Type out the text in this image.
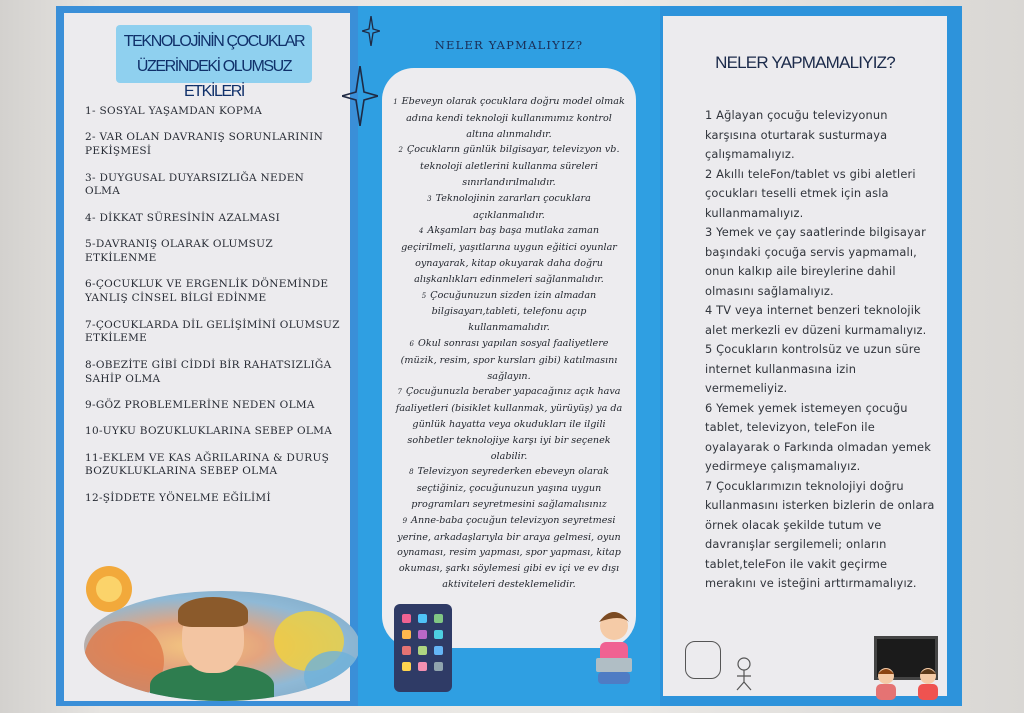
TEKNOLOJİNİN ÇOCUKLAR
ÜZERİNDEKİ OLUMSUZ ETKİLERİ
1- SOSYAL YAŞAMDAN KOPMA
2- VAR OLAN DAVRANIŞ SORUNLARININ PEKİŞMESİ
3- DUYGUSAL DUYARSIZLIĞA NEDEN OLMA
4- DİKKAT SÜRESİNİN AZALMASI
5-DAVRANIŞ OLARAK OLUMSUZ ETKİLENME
6-ÇOCUKLUK VE ERGENLİK DÖNEMİNDE YANLIŞ CİNSEL BİLGİ EDİNME
7-ÇOCUKLARDA DİL GELİŞİMİNİ OLUMSUZ ETKİLEME
8-OBEZİTE GİBİ CİDDİ BİR RAHATSIZLIĞA SAHİP OLMA
9-GÖZ PROBLEMLERİNE NEDEN OLMA
10-UYKU BOZUKLUKLARINA SEBEP OLMA
11-EKLEM VE KAS AĞRILARINA & DURUŞ BOZUKLUKLARINA SEBEP OLMA
12-ŞİDDETE YÖNELME EĞİLİMİ
NELER YAPMALIYIZ?
1 Ebeveyn olarak çocuklara doğru model olmak adına kendi teknoloji kullanımımız kontrol altına alınmalıdır.
2 Çocukların günlük bilgisayar, televizyon vb. teknoloji aletlerini kullanma süreleri sınırlandırılmalıdır.
3 Teknolojinin zararları çocuklara açıklanmalıdır.
4 Akşamları baş başa mutlaka zaman geçirilmeli, yaşıtlarına uygun eğitici oyunlar oynayarak, kitap okuyarak daha doğru alışkanlıkları edinmeleri sağlanmalıdır.
5 Çocuğunuzun sizden izin almadan bilgisayarı,tableti, telefonu açıp kullanmamalıdır.
6 Okul sonrası yapılan sosyal faaliyetlere (müzik, resim, spor kursları gibi) katılmasını sağlayın.
7 Çocuğunuzla beraber yapacağınız açık hava faaliyetleri (bisiklet kullanmak, yürüyüş) ya da günlük hayatta veya okudukları ile ilgili sohbetler teknolojiye karşı iyi bir seçenek olabilir.
8 Televizyon seyrederken ebeveyn olarak seçtiğiniz, çocuğunuzun yaşına uygun programları seyretmesini sağlamalısınız
9 Anne-baba çocuğun televizyon seyretmesi yerine, arkadaşlarıyla bir araya gelmesi, oyun oynaması, resim yapması, spor yapması, kitap okuması, şarkı söylemesi gibi ev içi ve ev dışı aktiviteleri desteklemelidir.
NELER YAPMAMALIYIZ?

1 Ağlayan çocuğu televizyonun karşısına oturtarak susturmaya çalışmamalıyız.

2 Akıllı teleFon/tablet vs gibi aletleri çocukları teselli etmek için asla kullanmamalıyız.

3 Yemek ve çay saatlerinde bilgisayar başındaki çocuğa servis yapmamalı, onun kalkıp aile bireylerine dahil olmasını sağlamalıyız.

4 TV veya internet benzeri teknolojik alet merkezli ev düzeni kurmamalıyız.

5 Çocukların kontrolsüz ve uzun süre internet kullanmasına izin vermemeliyiz.

6 Yemek yemek istemeyen çocuğu tablet, televizyon, teleFon ile oyalayarak o Farkında olmadan yemek yedirmeye çalışmamalıyız.

7 Çocuklarımızın teknolojiyi doğru kullanmasını isterken bizlerin de onlara örnek olacak şekilde tutum ve davranışlar sergilemeli; onların tablet,teleFon ile vakit geçirme merakını ve isteğini arttırmamalıyız.
